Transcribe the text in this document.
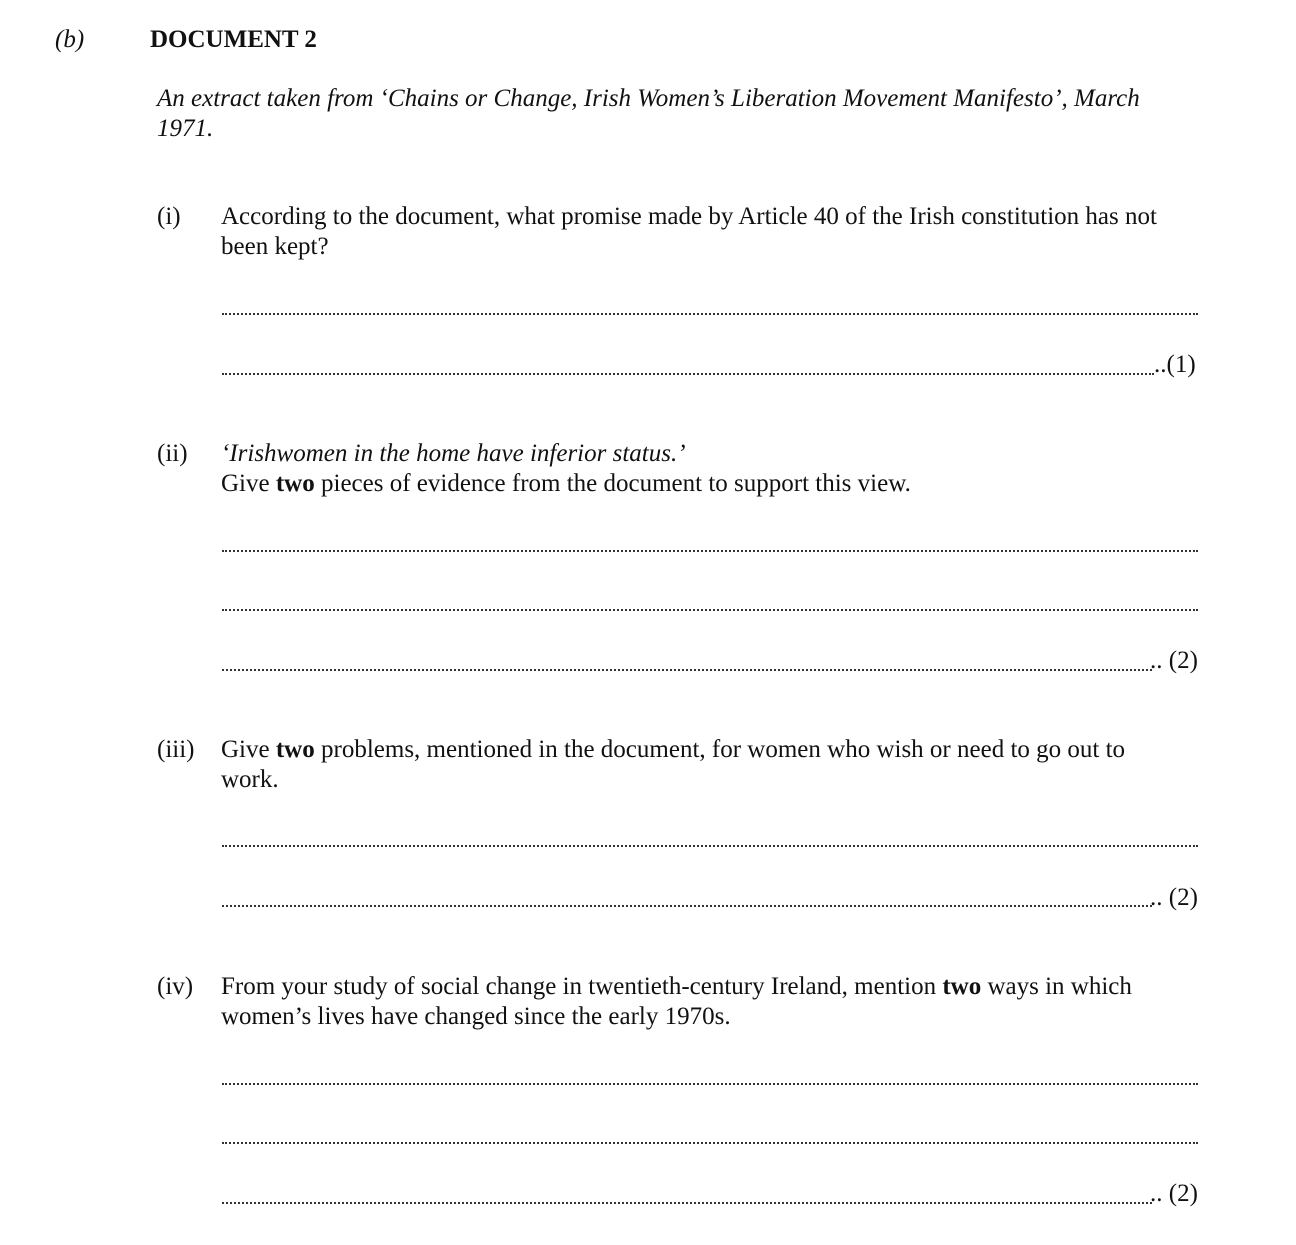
(b)	DOCUMENT 2
An extract taken from ‘Chains or Change, Irish Women’s Liberation Movement Manifesto’, March
1971.
(i) According to the document, what promise made by Article 40 of the Irish constitution has not
been kept?
..(1)
(ii) ‘Irishwomen in the home have inferior status.’
Give two pieces of evidence from the document to support this view.
.. (2)
(iii) Give two problems, mentioned in the document, for women who wish or need to go out to
work.
.. (2)
(iv) From your study of social change in twentieth-century Ireland, mention two ways in which
women’s lives have changed since the early 1970s.
.. (2)
